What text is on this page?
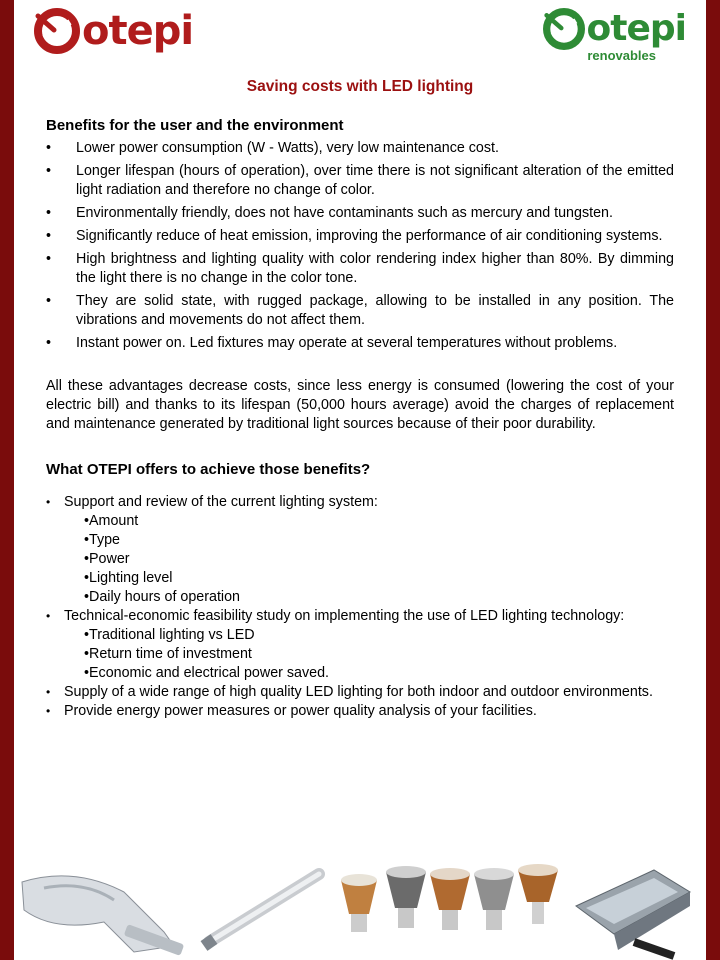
otepi	otepi
renovables
Saving costs with LED lighting
Benefits for the user and the environment
• Lower power consumption (W - Watts), very low maintenance cost.
• Longer lifespan (hours of operation), over time there is not significant alteration of the emitted light radiation and therefore no change of color.
• Environmentally friendly, does not have contaminants such as mercury and tungsten.
• Significantly reduce of heat emission, improving the performance of air conditioning systems.
• High brightness and lighting quality with color rendering index higher than 80%. By dimming the light there is no change in the color tone.
• They are solid state, with rugged package, allowing to be installed in any position. The vibrations and movements do not affect them.
• Instant power on. Led fixtures may operate at several temperatures without problems.

All these advantages decrease costs, since less energy is consumed (lowering the cost of your electric bill) and thanks to its lifespan (50,000 hours average) avoid the charges of replacement and maintenance generated by traditional light sources because of their poor durability.

What OTEPI offers to achieve those benefits?
• Support and review of the current lighting system:
•Amount
•Type
•Power
•Lighting level
•Daily hours of operation
• Technical-economic feasibility study on implementing the use of LED lighting technology:
•Traditional lighting vs LED
•Return time of investment
•Economic and electrical power saved.
• Supply of a wide range of high quality LED lighting for both indoor and outdoor environments.
• Provide energy power measures or power quality analysis of your facilities.
